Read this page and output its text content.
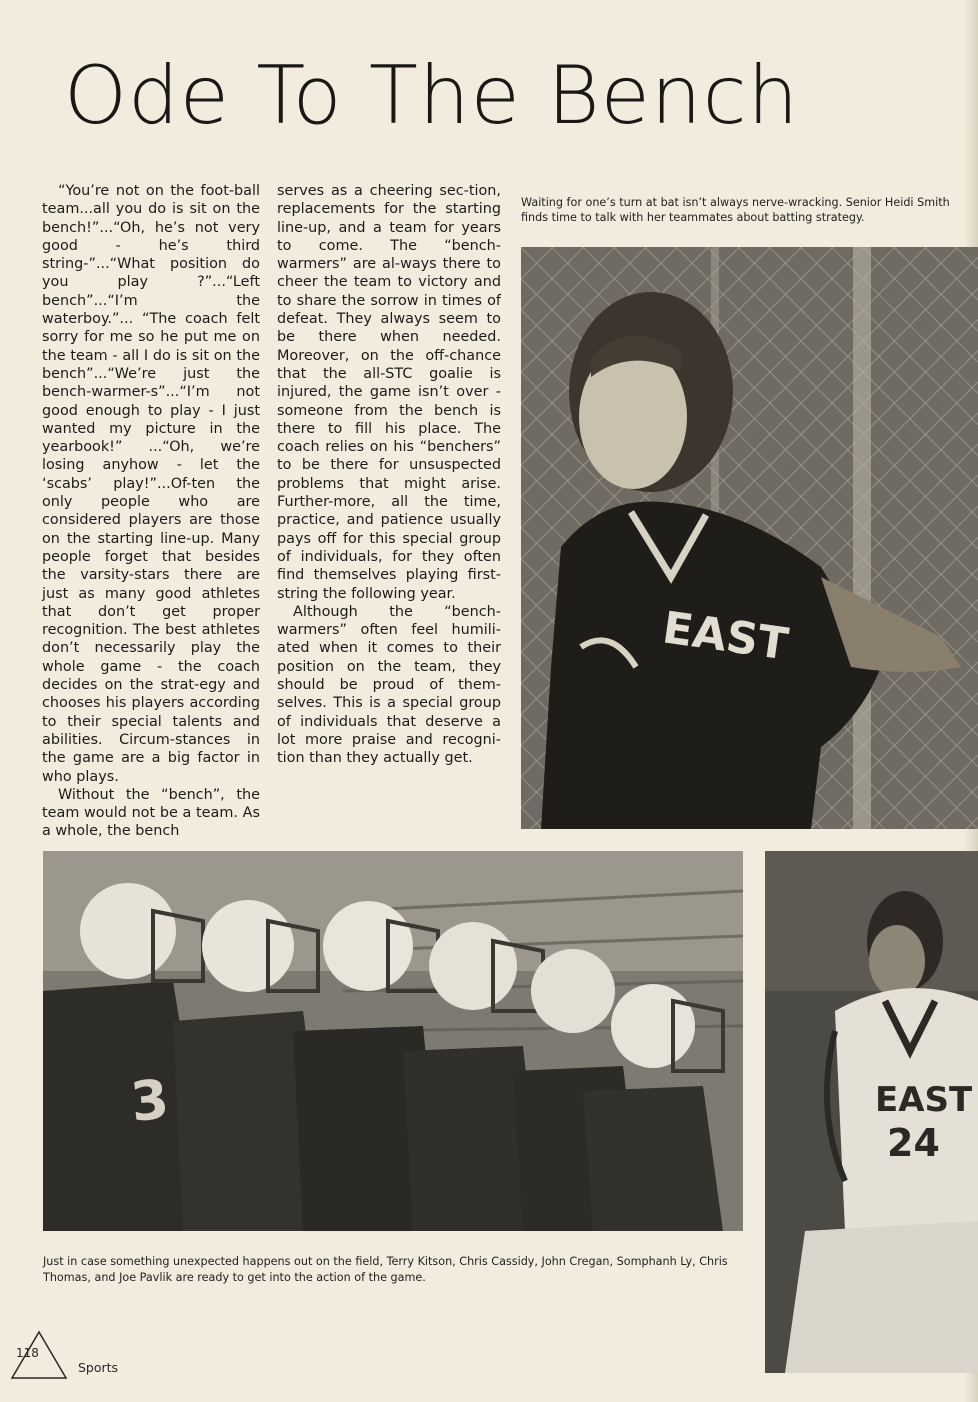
Ode To The Bench

“You’re not on the foot-ball team...all you do is sit on the bench!”...“Oh, he’s not very good - he’s third string-”...“What position do you play ?”...“Left bench”...“I’m the waterboy.”... “The coach felt sorry for me so he put me on the team - all I do is sit on the bench”...“We’re just the bench-warmer-s”...“I’m not good enough to play - I just wanted my picture in the yearbook!” ...“Oh, we’re losing anyhow - let the ‘scabs’ play!”...Of-ten the only people who are considered players are those on the starting line-up. Many people forget that besides the varsity-stars there are just as many good athletes that don’t get proper recognition. The best athletes don’t necessarily play the whole game - the coach decides on the strat-egy and chooses his players according to their special talents and abilities. Circum-stances in the game are a big factor in who plays.

Without the “bench”, the team would not be a team. As a whole, the bench

serves as a cheering sec-tion, replacements for the starting line-up, and a team for years to come. The “bench-warmers” are al-ways there to cheer the team to victory and to share the sorrow in times of defeat. They always seem to be there when needed. Moreover, on the off-chance that the all-STC goalie is injured, the game isn’t over - someone from the bench is there to fill his place. The coach relies on his “benchers” to be there for unsuspected problems that might arise. Further-more, all the time, practice, and patience usually pays off for this special group of individuals, for they often find themselves playing first-string the following year.

Although the “bench-warmers” often feel humili-ated when it comes to their position on the team, they should be proud of them-selves. This is a special group of individuals that deserve a lot more praise and recogni-tion than they actually get.

Waiting for one’s turn at bat isn’t always nerve-wracking. Senior Heidi Smith finds time to talk with her teammates about batting strategy.
EAST
3	EAST
24
Just in case something unexpected happens out on the field, Terry Kitson, Chris Cassidy, John Cregan, Somphanh Ly, Chris Thomas, and Joe Pavlik are ready to get into the action of the game.
118
Sports
